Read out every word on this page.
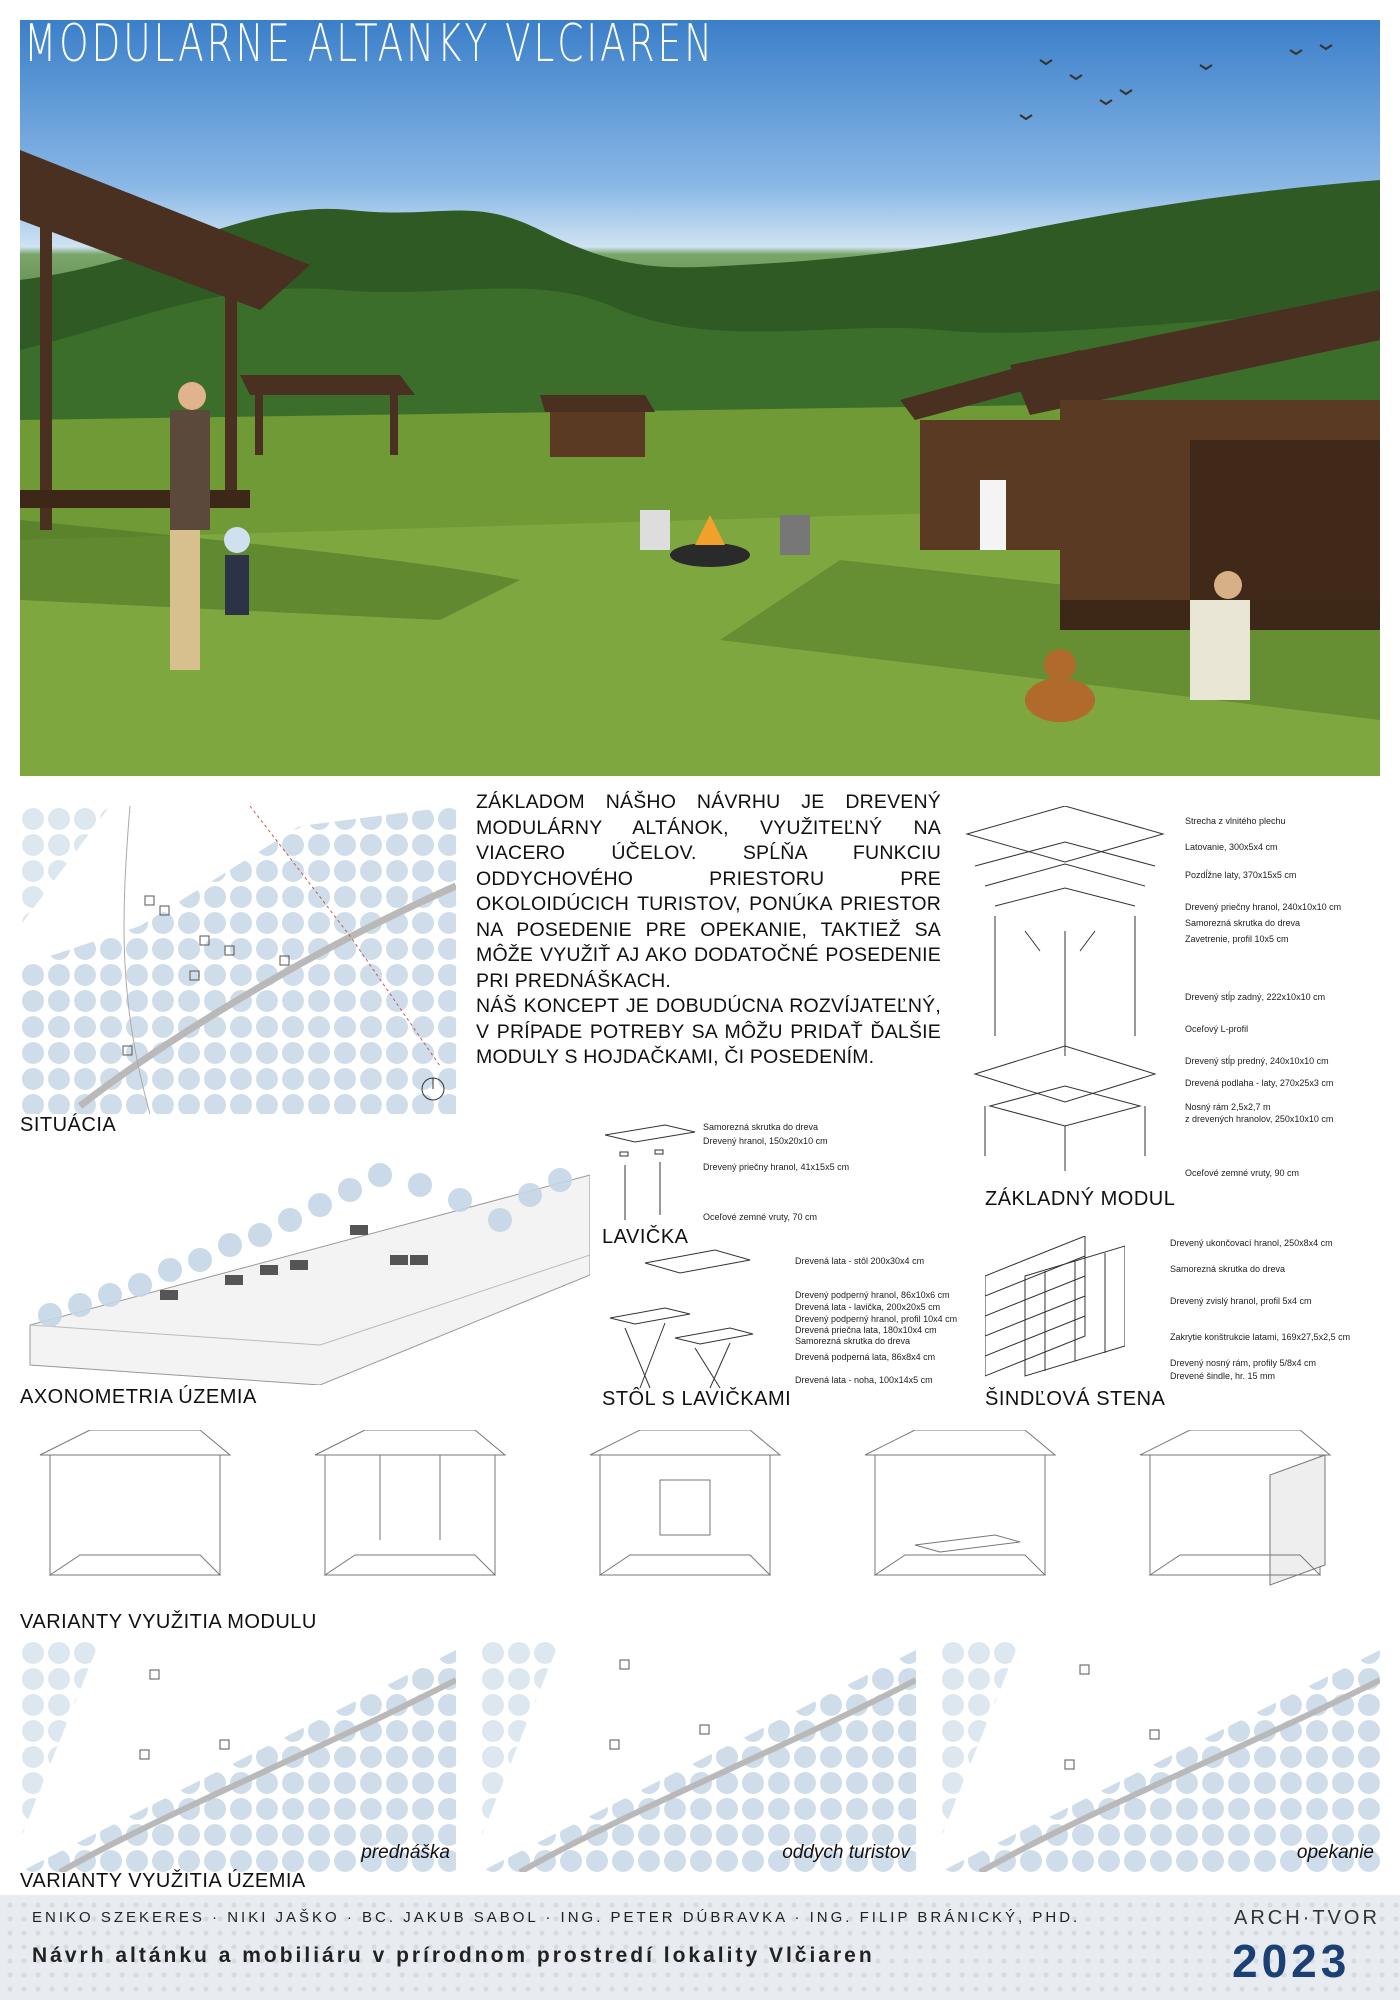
MODULÁRNE ALTÁNKY VLČIAREŇ
SITUÁCIA

ZÁKLADOM NÁŠHO NÁVRHU JE DREVENÝ MODULÁRNY ALTÁNOK, VYUŽITEĽNÝ NA VIACERO ÚČELOV. SPĹŇA FUNKCIU ODDYCHOVÉHO PRIESTORU PRE OKOLOIDÚCICH TURISTOV, PONÚKA PRIESTOR NA POSEDENIE PRE OPEKANIE, TAKTIEŽ SA MÔŽE VYUŽIŤ AJ AKO DODATOČNÉ POSEDENIE PRI PREDNÁŠKACH.

NÁŠ KONCEPT JE DOBUDÚCNA ROZVÍJATEĽNÝ, V PRÍPADE POTREBY SA MÔŽU PRIDAŤ ĎALŠIE MODULY S HOJDAČKAMI, ČI POSEDENÍM.

Strecha z vlnitého plechu
Latovanie, 300x5x4 cm
Pozdĺžne laty, 370x15x5 cm
Drevený priečny hranol, 240x10x10 cm
Samorezná skrutka do dreva
Zavetrenie, profil 10x5 cm
Drevený stĺp zadný, 222x10x10 cm
Oceľový L-profil
Drevený stĺp predný, 240x10x10 cm
Drevená podlaha - laty, 270x25x3 cm
Nosný rám 2,5x2,7 m
z drevených hranolov, 250x10x10 cm
Oceľové zemné vruty, 90 cm
ZÁKLADNÝ MODUL
Samorezná skrutka do dreva
Drevený hranol, 150x20x10 cm
Drevený priečny hranol, 41x15x5 cm
Oceľové zemné vruty, 70 cm
LAVIČKA
AXONOMETRIA ÚZEMIA
Drevená lata - stôl 200x30x4 cm
Drevený podperný hranol, 86x10x6 cm
Drevená lata - lavička, 200x20x5 cm
Drevený podperný hranol, profil 10x4 cm
Drevená priečna lata, 180x10x4 cm
Samorezná skrutka do dreva
Drevená podperná lata, 86x8x4 cm
Drevená lata - noha, 100x14x5 cm
STÔL S LAVIČKAMI
Drevený ukončovací hranol, 250x8x4 cm
Samorezná skrutka do dreva
Drevený zvislý hranol, profil 5x4 cm
Zakrytie konštrukcie latami, 169x27,5x2,5 cm
Drevený nosný rám, profily 5/8x4 cm
Drevené šindle, hr. 15 mm
ŠINDĽOVÁ STENA
VARIANTY VYUŽITIA MODULU
prednáška	oddych turistov	opekanie
VARIANTY VYUŽITIA ÚZEMIA
ENIKO SZEKERES · NIKI JAŠKO · BC. JAKUB SABOL · ING. PETER DÚBRAVKA · ING. FILIP BRÁNICKÝ, PHD.
Návrh altánku a mobiliáru v prírodnom prostredí lokality Vlčiaren
ARCH·TVOR
2023
